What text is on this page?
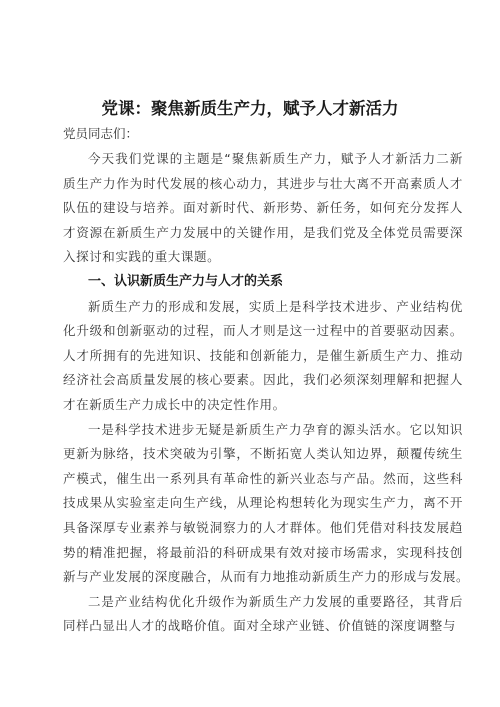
党课：聚焦新质生产力，赋予人才新活力
党员同志们：
今天我们党课的主题是“聚焦新质生产力，赋予人才新活力二新
质生产力作为时代发展的核心动力，其进步与壮大离不开高素质人才
队伍的建设与培养。面对新时代、新形势、新任务，如何充分发挥人
才资源在新质生产力发展中的关键作用，是我们党及全体党员需要深
入探讨和实践的重大课题。
一、认识新质生产力与人才的关系
新质生产力的形成和发展，实质上是科学技术进步、产业结构优
化升级和创新驱动的过程，而人才则是这一过程中的首要驱动因素。
人才所拥有的先进知识、技能和创新能力，是催生新质生产力、推动
经济社会高质量发展的核心要素。因此，我们必须深刻理解和把握人
才在新质生产力成长中的决定性作用。
一是科学技术进步无疑是新质生产力孕育的源头活水。它以知识
更新为脉络，技术突破为引擎，不断拓宽人类认知边界，颠覆传统生
产模式，催生出一系列具有革命性的新兴业态与产品。然而，这些科
技成果从实验室走向生产线，从理论构想转化为现实生产力，离不开
具备深厚专业素养与敏锐洞察力的人才群体。他们凭借对科技发展趋
势的精准把握，将最前沿的科研成果有效对接市场需求，实现科技创
新与产业发展的深度融合，从而有力地推动新质生产力的形成与发展。
二是产业结构优化升级作为新质生产力发展的重要路径，其背后
同样凸显出人才的战略价值。面对全球产业链、价值链的深度调整与
